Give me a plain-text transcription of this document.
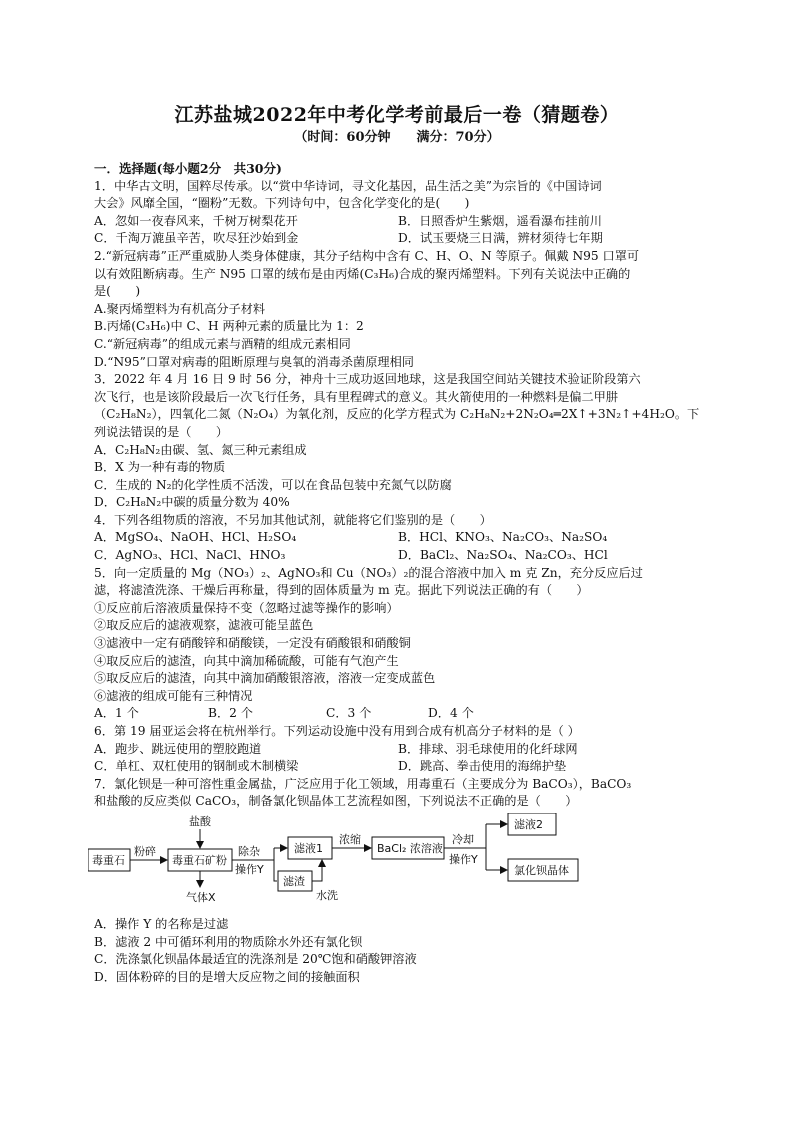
江苏盐城2022年中考化学考前最后一卷（猜题卷）
（时间：60分钟　　满分：70分）
一．选择题(每小题2分　共30分)
1．中华古文明，国粹尽传承。以“赏中华诗词，寻文化基因，品生活之美”为宗旨的《中国诗词
大会》风靡全国，“圈粉”无数。下列诗句中，包含化学变化的是(　　)
A．忽如一夜春风来，千树万树梨花开	B．日照香炉生紫烟，遥看瀑布挂前川
C．千淘万漉虽辛苦，吹尽狂沙始到金	D．试玉要烧三日满，辨材须待七年期
2.“新冠病毒”正严重威胁人类身体健康，其分子结构中含有 C、H、O、N 等原子。佩戴 N95 口罩可
以有效阻断病毒。生产 N95 口罩的绒布是由丙烯(C₃H₆)合成的聚丙烯塑料。下列有关说法中正确的
是(　　)
A.聚丙烯塑料为有机高分子材料
B.丙烯(C₃H₆)中 C、H 两种元素的质量比为 1：2
C.“新冠病毒”的组成元素与酒精的组成元素相同
D.“N95”口罩对病毒的阻断原理与臭氧的消毒杀菌原理相同
3．2022 年 4 月 16 日 9 时 56 分，神舟十三成功返回地球，这是我国空间站关键技术验证阶段第六
次飞行，也是该阶段最后一次飞行任务，具有里程碑式的意义。其火箭使用的一种燃料是偏二甲肼
（C₂H₈N₂），四氧化二氮（N₂O₄）为氧化剂，反应的化学方程式为 C₂H₈N₂+2N₂O₄═2X↑+3N₂↑+4H₂O。下
列说法错误的是（　　）
A．C₂H₈N₂由碳、氢、氮三种元素组成
B．X 为一种有毒的物质
C．生成的 N₂的化学性质不活泼，可以在食品包装中充氮气以防腐
D．C₂H₈N₂中碳的质量分数为 40%
4．下列各组物质的溶液，不另加其他试剂，就能将它们鉴别的是（　　）
A．MgSO₄、NaOH、HCl、H₂SO₄	B．HCl、KNO₃、Na₂CO₃、Na₂SO₄
C．AgNO₃、HCl、NaCl、HNO₃	D．BaCl₂、Na₂SO₄、Na₂CO₃、HCl
5．向一定质量的 Mg（NO₃）₂、AgNO₃和 Cu（NO₃）₂的混合溶液中加入 m 克 Zn，充分反应后过
滤，将滤渣洗涤、干燥后再称量，得到的固体质量为 m 克。据此下列说法正确的有（　　）
①反应前后溶液质量保持不变（忽略过滤等操作的影响）
②取反应后的滤液观察，滤液可能呈蓝色
③滤液中一定有硝酸锌和硝酸镁，一定没有硝酸银和硝酸铜
④取反应后的滤渣，向其中滴加稀硫酸，可能有气泡产生
⑤取反应后的滤渣，向其中滴加硝酸银溶液，溶液一定变成蓝色
⑥滤液的组成可能有三种情况
A．1 个	B．2 个	C．3 个	D．4 个
6．第 19 届亚运会将在杭州举行。下列运动设施中没有用到合成有机高分子材料的是（ ）
A．跑步、跳远使用的塑胶跑道	B．排球、羽毛球使用的化纤球网
C．单杠、双杠使用的钢制或木制横梁	D．跳高、拳击使用的海绵护垫
7．氯化钡是一种可溶性重金属盐，广泛应用于化工领域，用毒重石（主要成分为 BaCO₃），BaCO₃
和盐酸的反应类似 CaCO₃，制备氯化钡晶体工艺流程如图，下列说法不正确的是（　　）
毒重石
粉碎
毒重石矿粉
盐酸
气体X
除杂
操作Y
滤液1
滤渣
水洗
浓缩
BaCl₂ 浓溶液
冷却
操作Y
滤液2
氯化钡晶体
A．操作 Y 的名称是过滤
B．滤液 2 中可循环利用的物质除水外还有氯化钡
C．洗涤氯化钡晶体最适宜的洗涤剂是 20℃饱和硝酸钾溶液
D．固体粉碎的目的是增大反应物之间的接触面积
